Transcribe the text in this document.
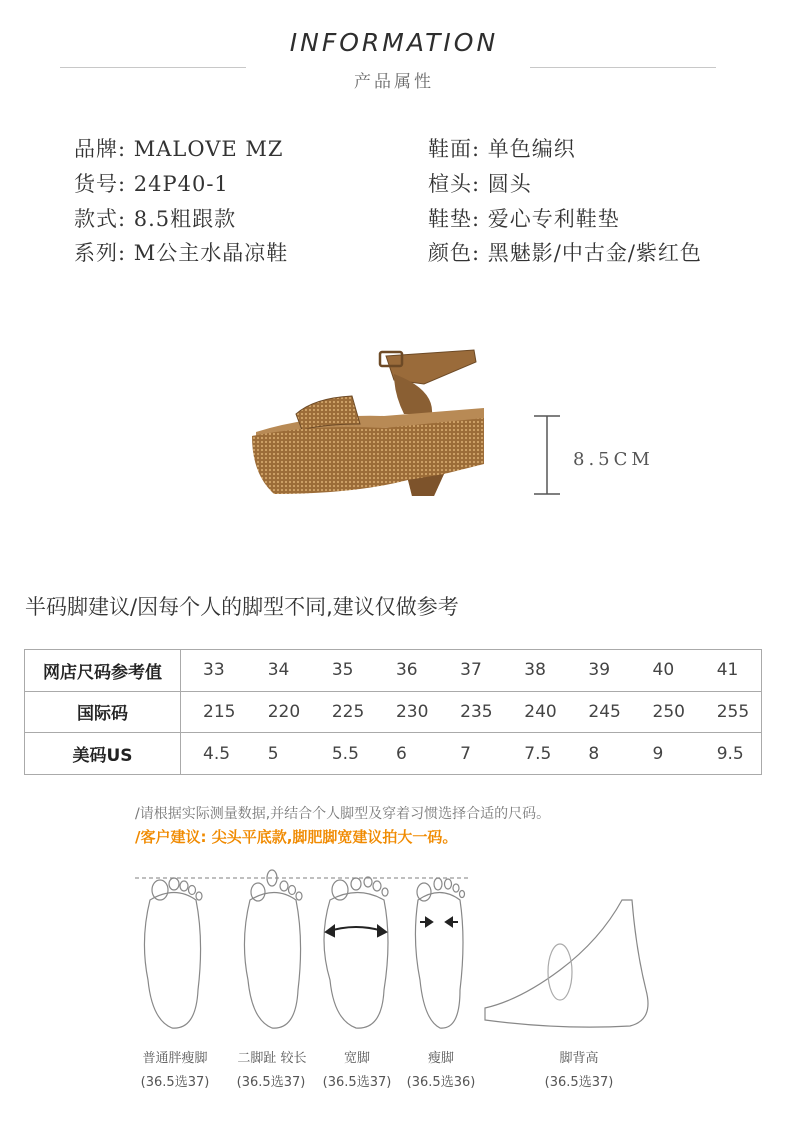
INFORMATION
产品属性
品牌: MALOVE MZ
货号: 24P40-1
款式: 8.5粗跟款
系列: M公主水晶凉鞋
鞋面: 单色编织
楦头: 圆头
鞋垫: 爱心专利鞋垫
颜色: 黑魅影/中古金/紫红色
8.5CM
半码脚建议/因每个人的脚型不同,建议仅做参考
网店尺码参考值	33	34	35	36	37	38	39	40	41
国际码	215	220	225	230	235	240	245	250	255
美码US	4.5	5	5.5	6	7	7.5	8	9	9.5
/请根据实际测量数据,并结合个人脚型及穿着习惯选择合适的尺码。
/客户建议: 尖头平底款,脚肥脚宽建议拍大一码。
普通胖瘦脚
(36.5选37)
二脚趾 较长
(36.5选37)
宽脚
(36.5选37)
瘦脚
(36.5选36)
脚背高
(36.5选37)
